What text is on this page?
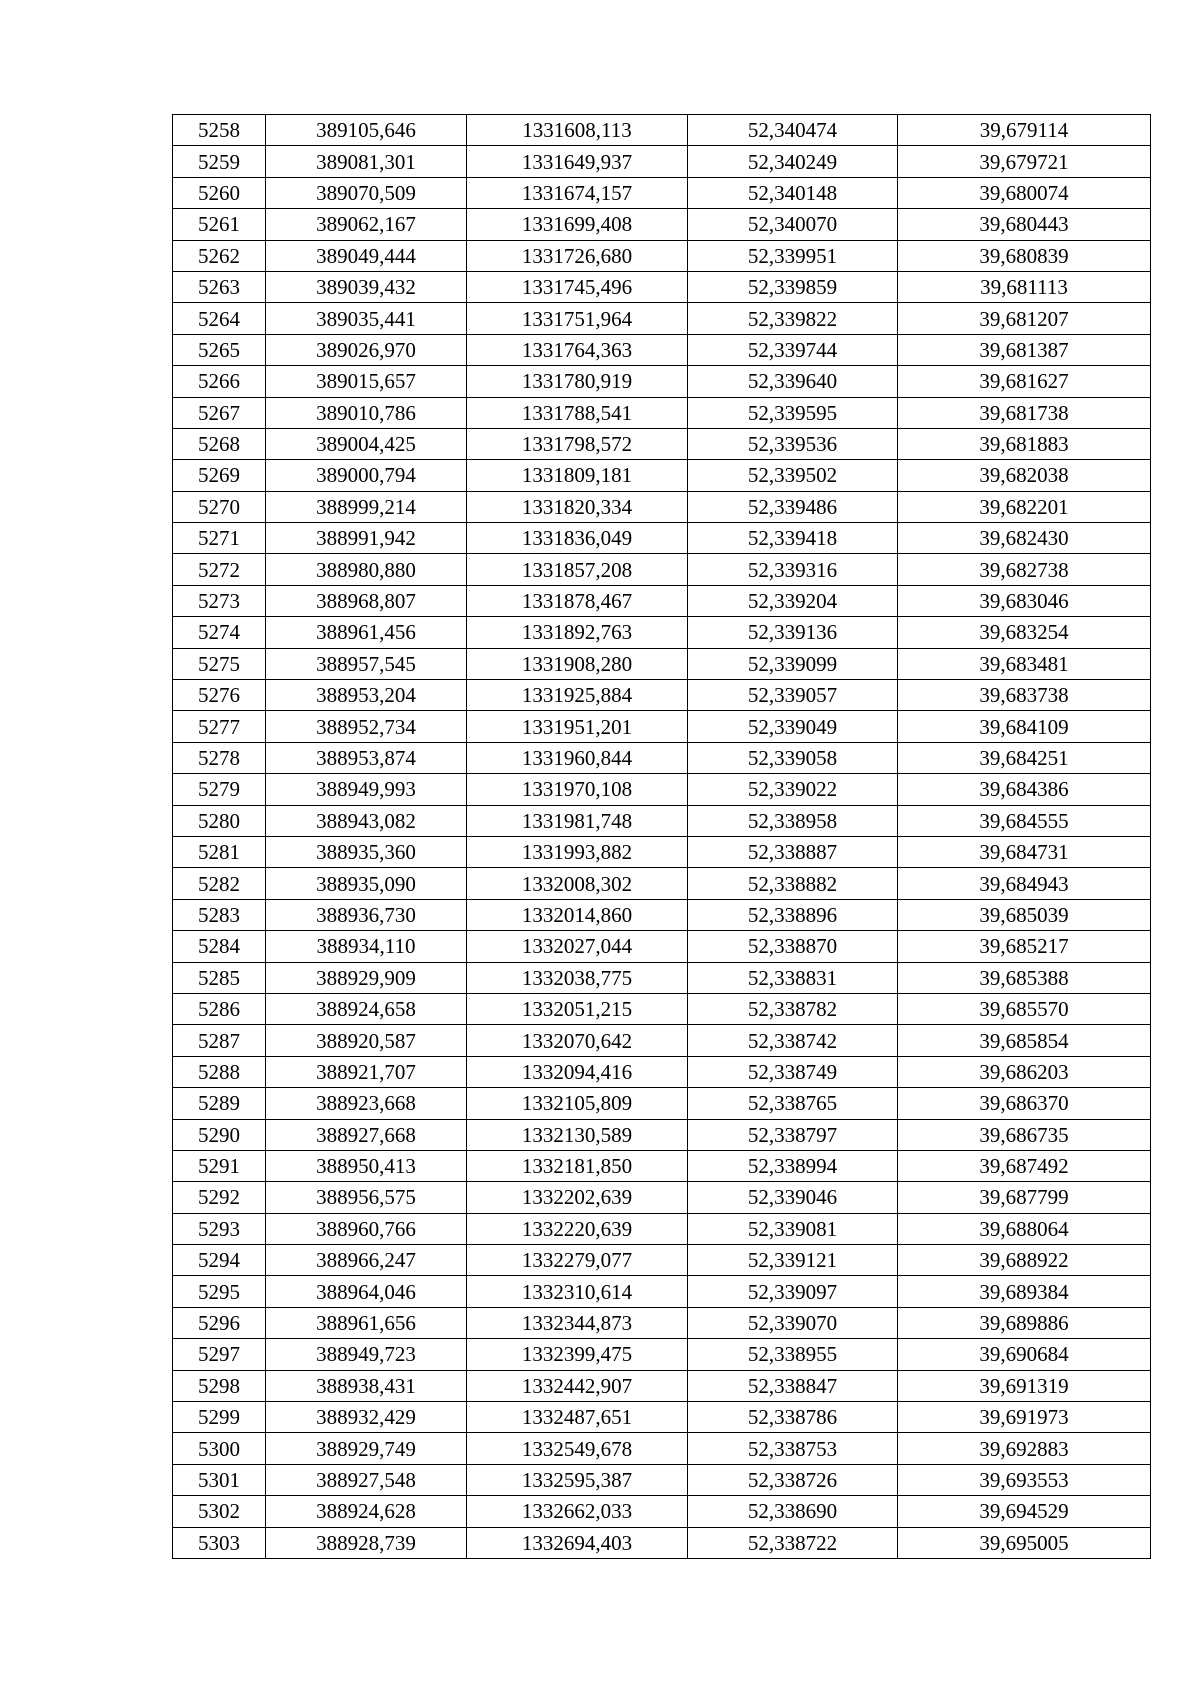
5258	389105,646	1331608,113	52,340474	39,679114
5259	389081,301	1331649,937	52,340249	39,679721
5260	389070,509	1331674,157	52,340148	39,680074
5261	389062,167	1331699,408	52,340070	39,680443
5262	389049,444	1331726,680	52,339951	39,680839
5263	389039,432	1331745,496	52,339859	39,681113
5264	389035,441	1331751,964	52,339822	39,681207
5265	389026,970	1331764,363	52,339744	39,681387
5266	389015,657	1331780,919	52,339640	39,681627
5267	389010,786	1331788,541	52,339595	39,681738
5268	389004,425	1331798,572	52,339536	39,681883
5269	389000,794	1331809,181	52,339502	39,682038
5270	388999,214	1331820,334	52,339486	39,682201
5271	388991,942	1331836,049	52,339418	39,682430
5272	388980,880	1331857,208	52,339316	39,682738
5273	388968,807	1331878,467	52,339204	39,683046
5274	388961,456	1331892,763	52,339136	39,683254
5275	388957,545	1331908,280	52,339099	39,683481
5276	388953,204	1331925,884	52,339057	39,683738
5277	388952,734	1331951,201	52,339049	39,684109
5278	388953,874	1331960,844	52,339058	39,684251
5279	388949,993	1331970,108	52,339022	39,684386
5280	388943,082	1331981,748	52,338958	39,684555
5281	388935,360	1331993,882	52,338887	39,684731
5282	388935,090	1332008,302	52,338882	39,684943
5283	388936,730	1332014,860	52,338896	39,685039
5284	388934,110	1332027,044	52,338870	39,685217
5285	388929,909	1332038,775	52,338831	39,685388
5286	388924,658	1332051,215	52,338782	39,685570
5287	388920,587	1332070,642	52,338742	39,685854
5288	388921,707	1332094,416	52,338749	39,686203
5289	388923,668	1332105,809	52,338765	39,686370
5290	388927,668	1332130,589	52,338797	39,686735
5291	388950,413	1332181,850	52,338994	39,687492
5292	388956,575	1332202,639	52,339046	39,687799
5293	388960,766	1332220,639	52,339081	39,688064
5294	388966,247	1332279,077	52,339121	39,688922
5295	388964,046	1332310,614	52,339097	39,689384
5296	388961,656	1332344,873	52,339070	39,689886
5297	388949,723	1332399,475	52,338955	39,690684
5298	388938,431	1332442,907	52,338847	39,691319
5299	388932,429	1332487,651	52,338786	39,691973
5300	388929,749	1332549,678	52,338753	39,692883
5301	388927,548	1332595,387	52,338726	39,693553
5302	388924,628	1332662,033	52,338690	39,694529
5303	388928,739	1332694,403	52,338722	39,695005
